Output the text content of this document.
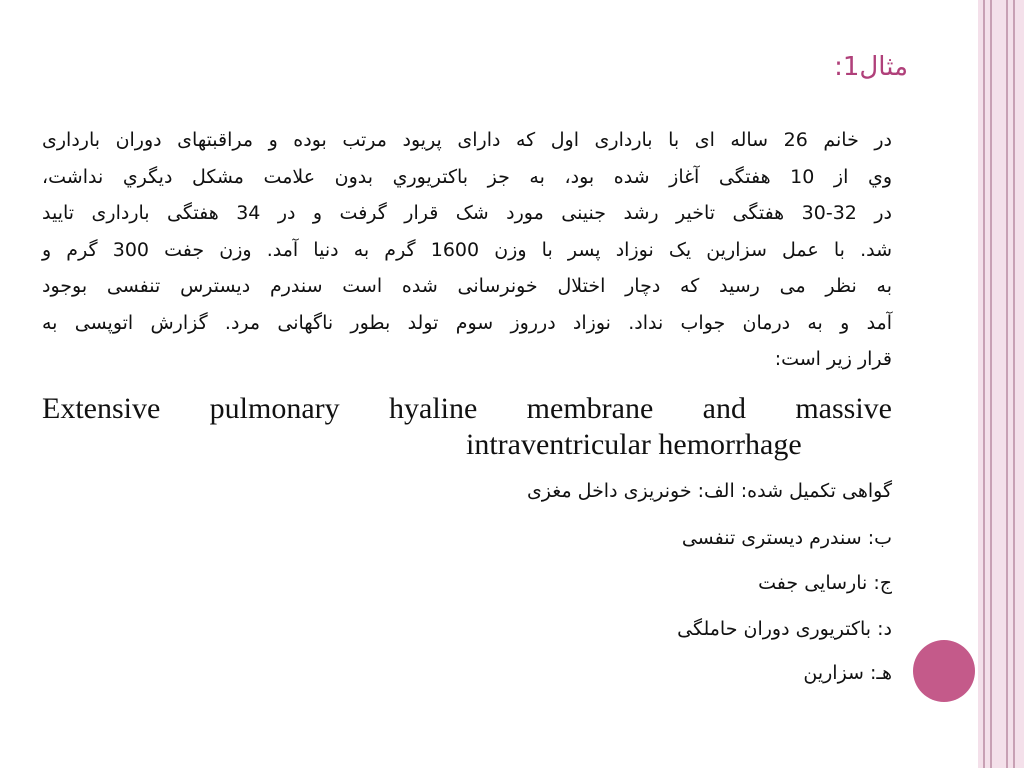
مثال1:
در خانم 26 ساله ای با بارداری اول که دارای پریود مرتب بوده و مراقبتهای دوران بارداری
وي از 10 هفتگی آغاز شده بود، به جز باکتريوري بدون علامت مشکل ديگري نداشت،
در 32-30 هفتگی تاخیر رشد جنینی مورد شک قرار گرفت و در 34 هفتگی بارداری تایید
شد. با عمل سزارین یک نوزاد پسر با وزن 1600 گرم به دنیا آمد. وزن جفت 300 گرم و
به نظر می رسید که دچار اختلال خونرسانی شده است سندرم دیسترس تنفسی بوجود
آمد و به درمان جواب نداد. نوزاد درروز سوم تولد بطور ناگهانی مرد. گزارش اتوپسی به
قرار زیر است:
Extensive pulmonary hyaline membrane and massive
intraventricular hemorrhage
گواهی تکمیل شده: الف: خونریزی داخل مغزی
ب: سندرم دیستری تنفسی
ج: نارسایی جفت
د: باکتریوری دوران حاملگی
هـ: سزارین
